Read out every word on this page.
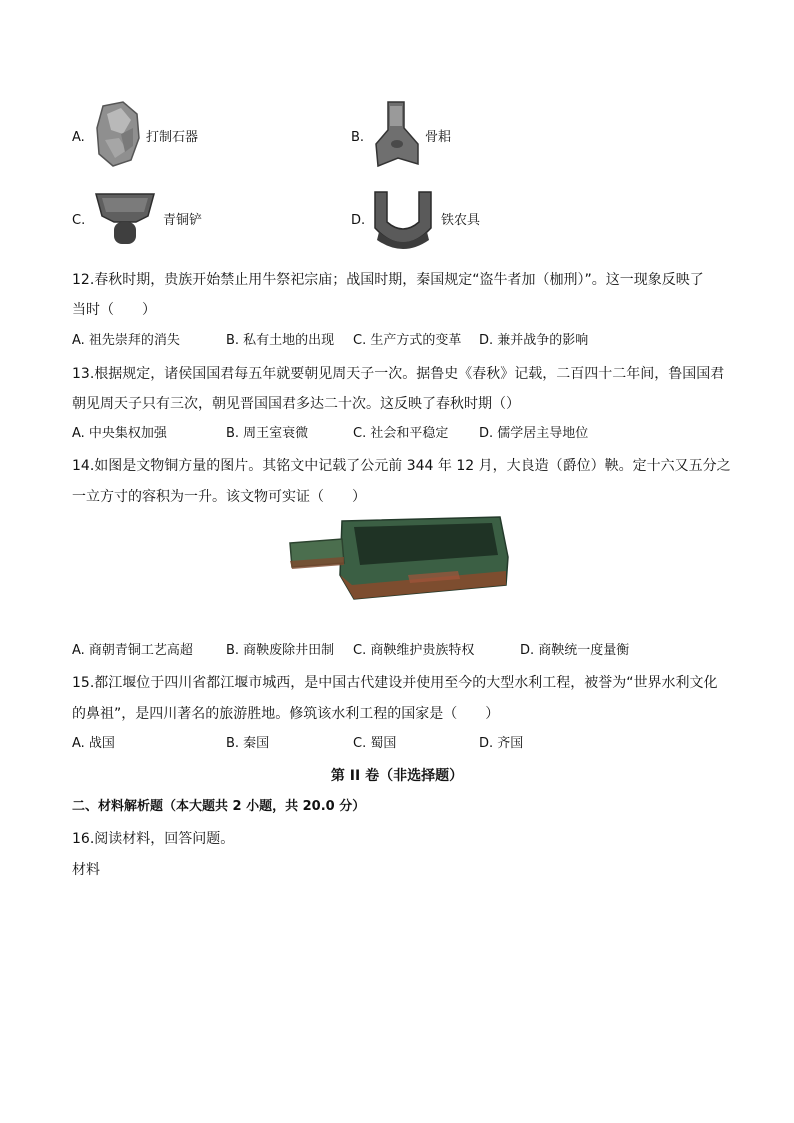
A.	打制石器	B.	骨耜
C.	青铜铲	D.	铁农具
12.春秋时期，贵族开始禁止用牛祭祀宗庙；战国时期，秦国规定“盗牛者加（枷刑）”。这一现象反映了
当时（　　）
A. 祖先崇拜的消失	B. 私有土地的出现 C. 生产方式的变革 D. 兼并战争的影响
13.根据规定，诸侯国国君每五年就要朝见周天子一次。据鲁史《春秋》记载，二百四十二年间，鲁国国君
朝见周天子只有三次，朝见晋国国君多达二十次。这反映了春秋时期（）
A. 中央集权加强	B. 周王室衰微	C. 社会和平稳定 D. 儒学居主导地位
14.如图是文物铜方量的图片。其铭文中记载了公元前 344 年 12 月，大良造（爵位）鞅。定十六又五分之
一立方寸的容积为一升。该文物可实证（　　）
A. 商朝青铜工艺高超	B. 商鞅废除井田制 C. 商鞅维护贵族特权	D. 商鞅统一度量衡
15.都江堰位于四川省都江堰市城西，是中国古代建设并使用至今的大型水利工程，被誉为“世界水利文化
的鼻祖”，是四川著名的旅游胜地。修筑该水利工程的国家是（　　）
A. 战国	B. 秦国	C. 蜀国	D. 齐国
第 II 卷（非选择题）
二、材料解析题（本大题共 2 小题，共 20.0 分）
16.阅读材料，回答问题。
材料
